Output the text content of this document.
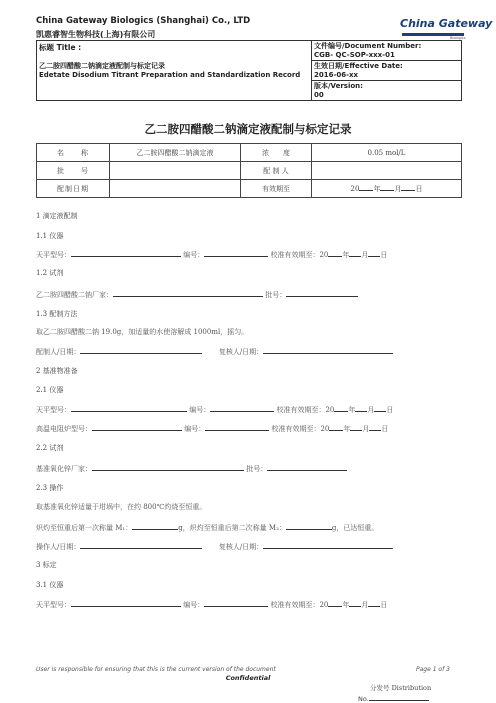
China Gateway Biologics (Shanghai) Co., LTD
凯惠睿智生物科技(上海)有限公司
China Gateway
Biologics
标题 Title :
乙二胺四醋酸二钠滴定液配制与标定记录
Edetate Disodium Titrant Preparation and Standardization Record

文件编号/Document Number:
CGB- QC-SOP-xxx-01

生效日期/Effective Date:
2016-06-xx

版本/Version:
00
乙二胺四醋酸二钠滴定液配制与标定记录
名　　称	乙二胺四醋酸二钠滴定液	浓　　度	0.05 mol/L
批　　号		配 制 人	
配制日期		有效期至	20 年 月 日
1 滴定液配制
1.1 仪器
天平型号：	编号：	校准有效期至：20 年 月 日
1.2 试剂
乙二胺四醋酸二钠厂家：	批号：
1.3 配制方法
取乙二胺四醋酸二钠 19.0g，加适量的水使溶解成 1000ml，摇匀。
配制人/日期：	复核人/日期：
2 基准物准备
2.1 仪器
天平型号：	编号：	校准有效期至：20 年 月 日
高温电阻炉型号：	编号：	校准有效期至：20 年 月 日
2.2 试剂
基准氧化锌厂家：	批号：
2.3 操作
取基准氧化锌适量于坩埚中，在约 800℃灼烧至恒重。
炽灼至恒重后第一次称量 M₁：	g，炽灼至恒重后第二次称量 M₂：	g，已达恒重。
操作人/日期：	复核人/日期：
3 标定
3.1 仪器
天平型号：	编号：	校准有效期至：20 年 月 日
User is responsible for ensuring that this is the current version of the document	Page 1 of 3
Confidential
分发号 Distribution
No.
